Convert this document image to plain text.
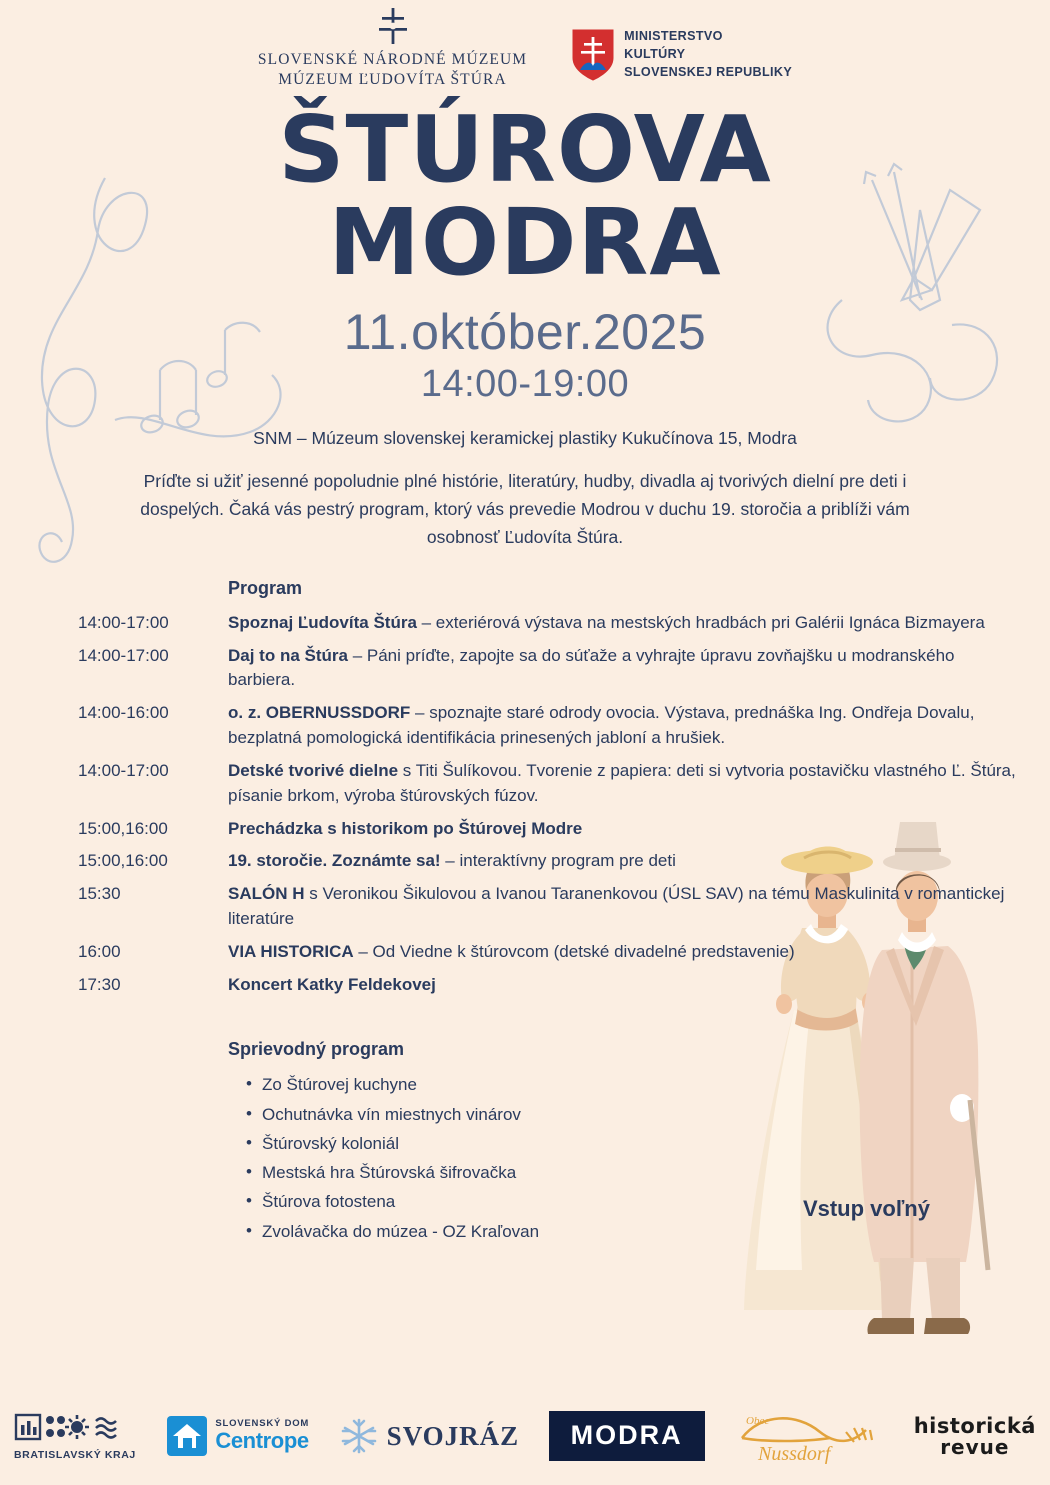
SLOVENSKÉ NÁRODNÉ MÚZEUM
MÚZEUM ĽUDOVÍTA ŠTÚRA
MINISTERSTVO
KULTÚRY
SLOVENSKEJ REPUBLIKY
ŠTÚROVA
MODRA
11.október.2025
14:00-19:00
SNM – Múzeum slovenskej keramickej plastiky Kukučínova 15, Modra
Príďte si užiť jesenné popoludnie plné histórie, literatúry, hudby, divadla aj tvorivých dielní pre deti i dospelých. Čaká vás pestrý program, ktorý vás prevedie Modrou v duchu 19. storočia a priblíži vám osobnosť Ľudovíta Štúra.
Program
14:00-17:00	Spoznaj Ľudovíta Štúra – exteriérová výstava na mestských hradbách pri Galérii Ignáca Bizmayera
14:00-17:00	Daj to na Štúra – Páni príďte, zapojte sa do súťaže a vyhrajte úpravu zovňajšku u modranského barbiera.
14:00-16:00	o. z. OBERNUSSDORF – spoznajte staré odrody ovocia. Výstava, prednáška Ing. Ondřeja Dovalu, bezplatná pomologická identifikácia prinesených jabloní a hrušiek.
14:00-17:00	Detské tvorivé dielne s Titi Šulíkovou. Tvorenie z papiera: deti si vytvoria postavičku vlastného Ľ. Štúra, písanie brkom, výroba štúrovských fúzov.
15:00,16:00	Prechádzka s historikom po Štúrovej Modre
15:00,16:00	19. storočie. Zoznámte sa! – interaktívny program pre deti
15:30	SALÓN H s Veronikou Šikulovou a Ivanou Taranenkovou (ÚSL SAV) na tému Maskulinita v romantickej literatúre
16:00	VIA HISTORICA – Od Viedne k štúrovcom (detské divadelné predstavenie)
17:30	Koncert Katky Feldekovej
Sprievodný program
• Zo Štúrovej kuchyne
• Ochutnávka vín miestnych vinárov
• Štúrovský koloniál
• Mestská hra Štúrovská šifrovačka
• Štúrova fotostena
• Zvolávačka do múzea - OZ Kraľovan
Vstup voľný
BRATISLAVSKÝ KRAJ
SLOVENSKÝ DOM
Centrope	SVOJRÁZ	MODRA	Obec
Nussdorf
historická
revue
